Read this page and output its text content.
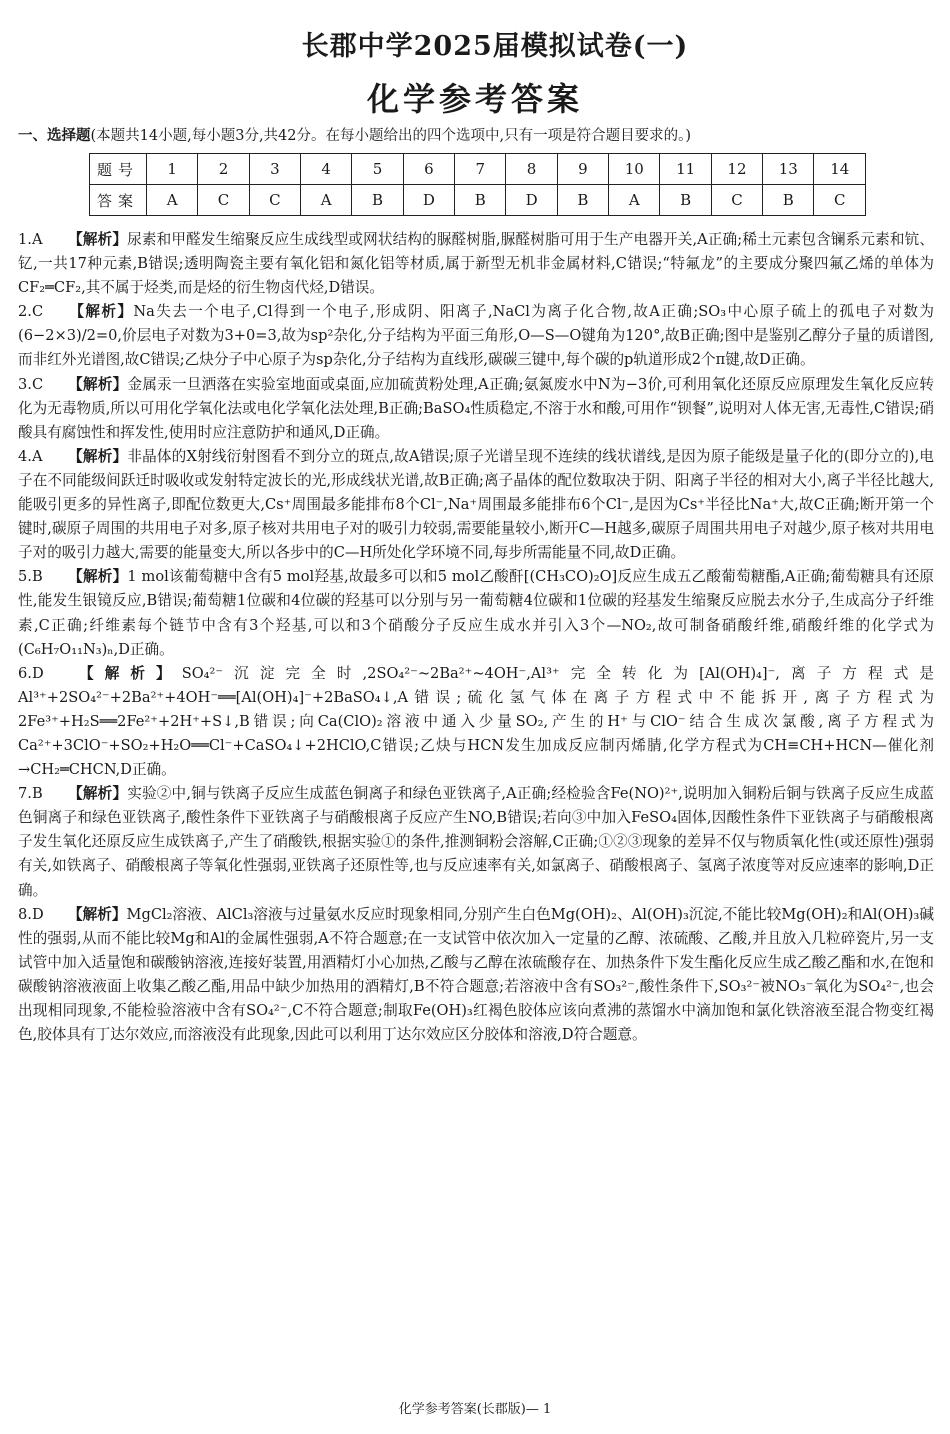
长郡中学2025届模拟试卷(一)
化学参考答案
一、选择题(本题共14小题,每小题3分,共42分。在每小题给出的四个选项中,只有一项是符合题目要求的。)
题号	1	2	3	4	5	6	7	8	9	10	11	12	13	14
答案	A	C	C	A	B	D	B	D	B	A	B	C	B	C

1.A 【解析】尿素和甲醛发生缩聚反应生成线型或网状结构的脲醛树脂,脲醛树脂可用于生产电器开关,A正确;稀土元素包含镧系元素和钪、钇,一共17种元素,B错误;透明陶瓷主要有氧化铝和氮化铝等材质,属于新型无机非金属材料,C错误;“特氟龙”的主要成分聚四氟乙烯的单体为CF₂═CF₂,其不属于烃类,而是烃的衍生物卤代烃,D错误。

2.C 【解析】Na失去一个电子,Cl得到一个电子,形成阴、阳离子,NaCl为离子化合物,故A正确;SO₃中心原子硫上的孤电子对数为(6−2×3)/2=0,价层电子对数为3+0=3,故为sp²杂化,分子结构为平面三角形,O—S—O键角为120°,故B正确;图中是鉴别乙醇分子量的质谱图,而非红外光谱图,故C错误;乙炔分子中心原子为sp杂化,分子结构为直线形,碳碳三键中,每个碳的p轨道形成2个π键,故D正确。

3.C 【解析】金属汞一旦洒落在实验室地面或桌面,应加硫黄粉处理,A正确;氨氮废水中N为−3价,可利用氧化还原反应原理发生氧化反应转化为无毒物质,所以可用化学氧化法或电化学氧化法处理,B正确;BaSO₄性质稳定,不溶于水和酸,可用作“钡餐”,说明对人体无害,无毒性,C错误;硝酸具有腐蚀性和挥发性,使用时应注意防护和通风,D正确。

4.A 【解析】非晶体的X射线衍射图看不到分立的斑点,故A错误;原子光谱呈现不连续的线状谱线,是因为原子能级是量子化的(即分立的),电子在不同能级间跃迁时吸收或发射特定波长的光,形成线状光谱,故B正确;离子晶体的配位数取决于阴、阳离子半径的相对大小,离子半径比越大,能吸引更多的异性离子,即配位数更大,Cs⁺周围最多能排布8个Cl⁻,Na⁺周围最多能排布6个Cl⁻,是因为Cs⁺半径比Na⁺大,故C正确;断开第一个键时,碳原子周围的共用电子对多,原子核对共用电子对的吸引力较弱,需要能量较小,断开C—H越多,碳原子周围共用电子对越少,原子核对共用电子对的吸引力越大,需要的能量变大,所以各步中的C—H所处化学环境不同,每步所需能量不同,故D正确。

5.B 【解析】1 mol该葡萄糖中含有5 mol羟基,故最多可以和5 mol乙酸酐[(CH₃CO)₂O]反应生成五乙酸葡萄糖酯,A正确;葡萄糖具有还原性,能发生银镜反应,B错误;葡萄糖1位碳和4位碳的羟基可以分别与另一葡萄糖4位碳和1位碳的羟基发生缩聚反应脱去水分子,生成高分子纤维素,C正确;纤维素每个链节中含有3个羟基,可以和3个硝酸分子反应生成水并引入3个—NO₂,故可制备硝酸纤维,硝酸纤维的化学式为(C₆H₇O₁₁N₃)ₙ,D正确。

6.D 【解析】SO₄²⁻沉淀完全时,2SO₄²⁻~2Ba²⁺~4OH⁻,Al³⁺完全转化为[Al(OH)₄]⁻,离子方程式是Al³⁺+2SO₄²⁻+2Ba²⁺+4OH⁻══[Al(OH)₄]⁻+2BaSO₄↓,A错误;硫化氢气体在离子方程式中不能拆开,离子方程式为2Fe³⁺+H₂S══2Fe²⁺+2H⁺+S↓,B错误;向Ca(ClO)₂溶液中通入少量SO₂,产生的H⁺与ClO⁻结合生成次氯酸,离子方程式为Ca²⁺+3ClO⁻+SO₂+H₂O══Cl⁻+CaSO₄↓+2HClO,C错误;乙炔与HCN发生加成反应制丙烯腈,化学方程式为CH≡CH+HCN—催化剂→CH₂═CHCN,D正确。

7.B 【解析】实验②中,铜与铁离子反应生成蓝色铜离子和绿色亚铁离子,A正确;经检验含Fe(NO)²⁺,说明加入铜粉后铜与铁离子反应生成蓝色铜离子和绿色亚铁离子,酸性条件下亚铁离子与硝酸根离子反应产生NO,B错误;若向③中加入FeSO₄固体,因酸性条件下亚铁离子与硝酸根离子发生氧化还原反应生成铁离子,产生了硝酸铁,根据实验①的条件,推测铜粉会溶解,C正确;①②③现象的差异不仅与物质氧化性(或还原性)强弱有关,如铁离子、硝酸根离子等氧化性强弱,亚铁离子还原性等,也与反应速率有关,如氯离子、硝酸根离子、氢离子浓度等对反应速率的影响,D正确。

8.D 【解析】MgCl₂溶液、AlCl₃溶液与过量氨水反应时现象相同,分别产生白色Mg(OH)₂、Al(OH)₃沉淀,不能比较Mg(OH)₂和Al(OH)₃碱性的强弱,从而不能比较Mg和Al的金属性强弱,A不符合题意;在一支试管中依次加入一定量的乙醇、浓硫酸、乙酸,并且放入几粒碎瓷片,另一支试管中加入适量饱和碳酸钠溶液,连接好装置,用酒精灯小心加热,乙酸与乙醇在浓硫酸存在、加热条件下发生酯化反应生成乙酸乙酯和水,在饱和碳酸钠溶液液面上收集乙酸乙酯,用品中缺少加热用的酒精灯,B不符合题意;若溶液中含有SO₃²⁻,酸性条件下,SO₃²⁻被NO₃⁻氧化为SO₄²⁻,也会出现相同现象,不能检验溶液中含有SO₄²⁻,C不符合题意;制取Fe(OH)₃红褐色胶体应该向煮沸的蒸馏水中滴加饱和氯化铁溶液至混合物变红褐色,胶体具有丁达尔效应,而溶液没有此现象,因此可以利用丁达尔效应区分胶体和溶液,D符合题意。

化学参考答案(长郡版)— 1
